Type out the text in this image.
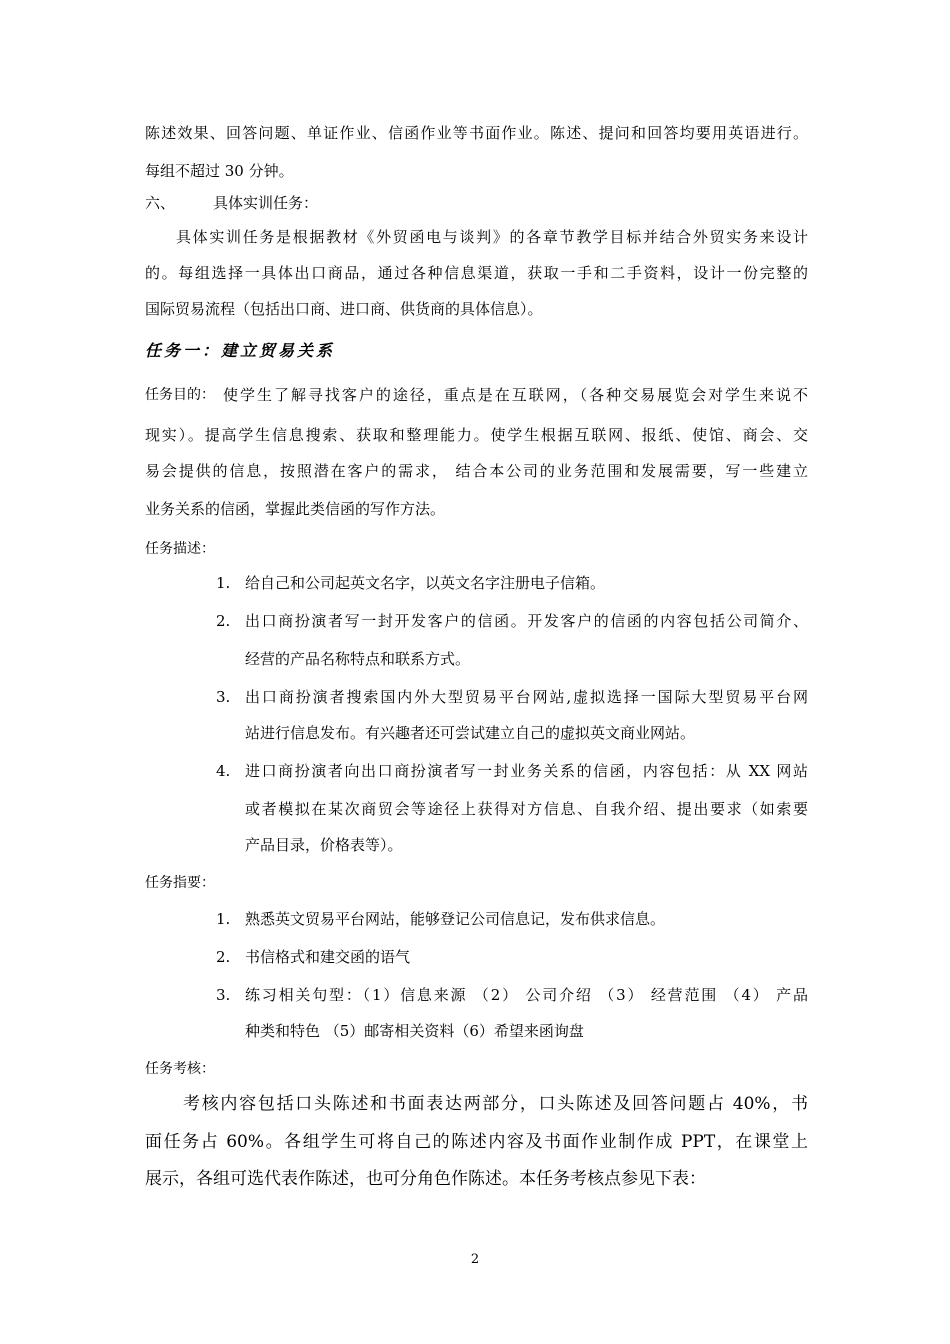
陈述效果、回答问题、单证作业、信函作业等书面作业。陈述、提问和回答均要用英语进行。
每组不超过 30 分钟。
六、	具体实训任务：
具体实训任务是根据教材《外贸函电与谈判》的各章节教学目标并结合外贸实务来设计
的。每组选择一具体出口商品，通过各种信息渠道，获取一手和二手资料，设计一份完整的
国际贸易流程（包括出口商、进口商、供货商的具体信息）。
任务一：建立贸易关系
任务目的： 使学生了解寻找客户的途径，重点是在互联网，（各种交易展览会对学生来说不
现实）。提高学生信息搜索、获取和整理能力。使学生根据互联网、报纸、使馆、商会、交
易会提供的信息，按照潜在客户的需求， 结合本公司的业务范围和发展需要，写一些建立
业务关系的信函，掌握此类信函的写作方法。
任务描述：
1. 给自己和公司起英文名字，以英文名字注册电子信箱。
2. 出口商扮演者写一封开发客户的信函。开发客户的信函的内容包括公司简介、
经营的产品名称特点和联系方式。
3. 出口商扮演者搜索国内外大型贸易平台网站,虚拟选择一国际大型贸易平台网
站进行信息发布。有兴趣者还可尝试建立自己的虚拟英文商业网站。
4. 进口商扮演者向出口商扮演者写一封业务关系的信函，内容包括：从 XX 网站
或者模拟在某次商贸会等途径上获得对方信息、自我介绍、提出要求（如索要
产品目录，价格表等）。
任务指要：
1. 熟悉英文贸易平台网站，能够登记公司信息记，发布供求信息。
2. 书信格式和建交函的语气
3. 练习相关句型：（1）信息来源 （2） 公司介绍 （3） 经营范围 （4） 产品
种类和特色 （5）邮寄相关资料（6）希望来函询盘
任务考核：
考核内容包括口头陈述和书面表达两部分，口头陈述及回答问题占 40%，书
面任务占 60%。各组学生可将自己的陈述内容及书面作业制作成 PPT，在课堂上
展示，各组可选代表作陈述，也可分角色作陈述。本任务考核点参见下表：
2
